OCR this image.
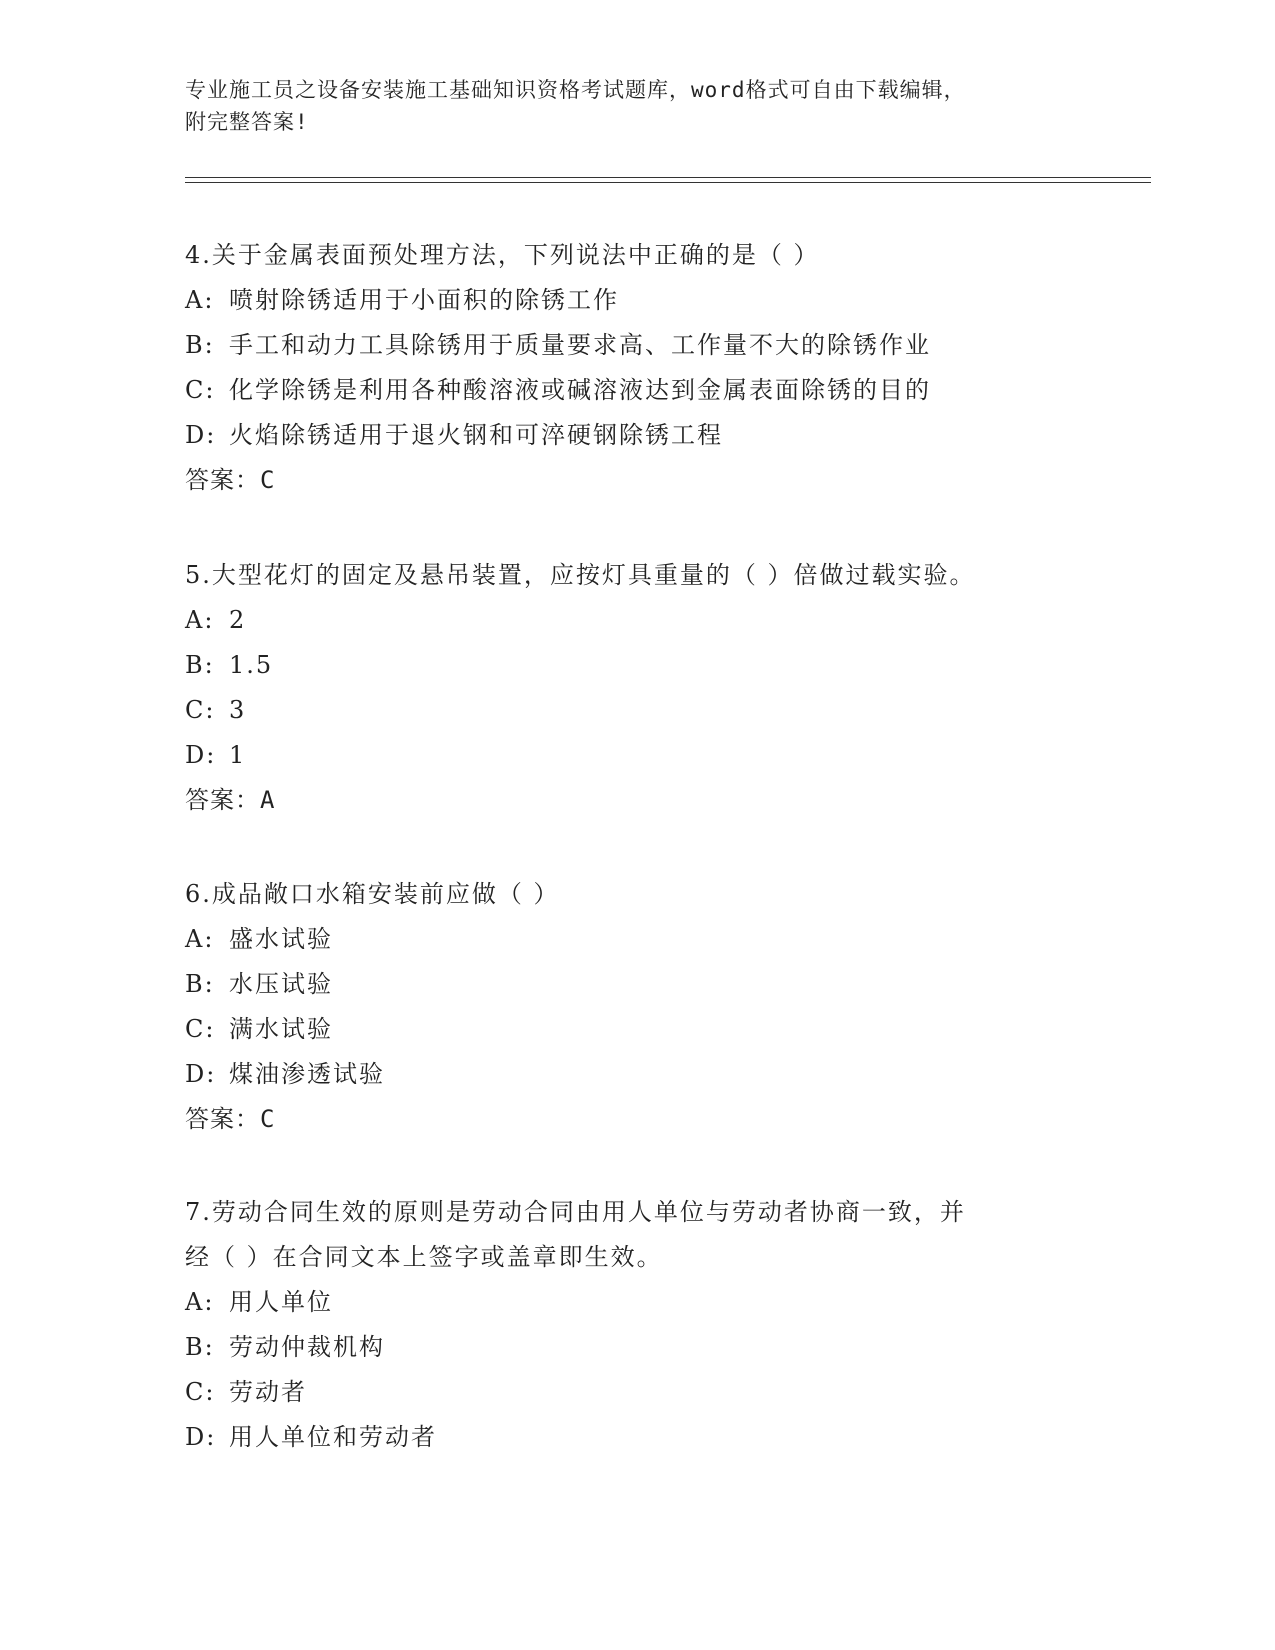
专业施工员之设备安装施工基础知识资格考试题库，word格式可自由下载编辑，
附完整答案!
4.关于金属表面预处理方法，下列说法中正确的是（ ）
A: 喷射除锈适用于小面积的除锈工作
B: 手工和动力工具除锈用于质量要求高、工作量不大的除锈作业
C: 化学除锈是利用各种酸溶液或碱溶液达到金属表面除锈的目的
D: 火焰除锈适用于退火钢和可淬硬钢除锈工程
答案：C
5.大型花灯的固定及悬吊装置，应按灯具重量的（ ）倍做过载实验。
A: 2
B: 1.5
C: 3
D: 1
答案：A
6.成品敞口水箱安装前应做（ ）
A: 盛水试验
B: 水压试验
C: 满水试验
D: 煤油渗透试验
答案：C
7.劳动合同生效的原则是劳动合同由用人单位与劳动者协商一致，并
经（ ）在合同文本上签字或盖章即生效。
A: 用人单位
B: 劳动仲裁机构
C: 劳动者
D: 用人单位和劳动者
